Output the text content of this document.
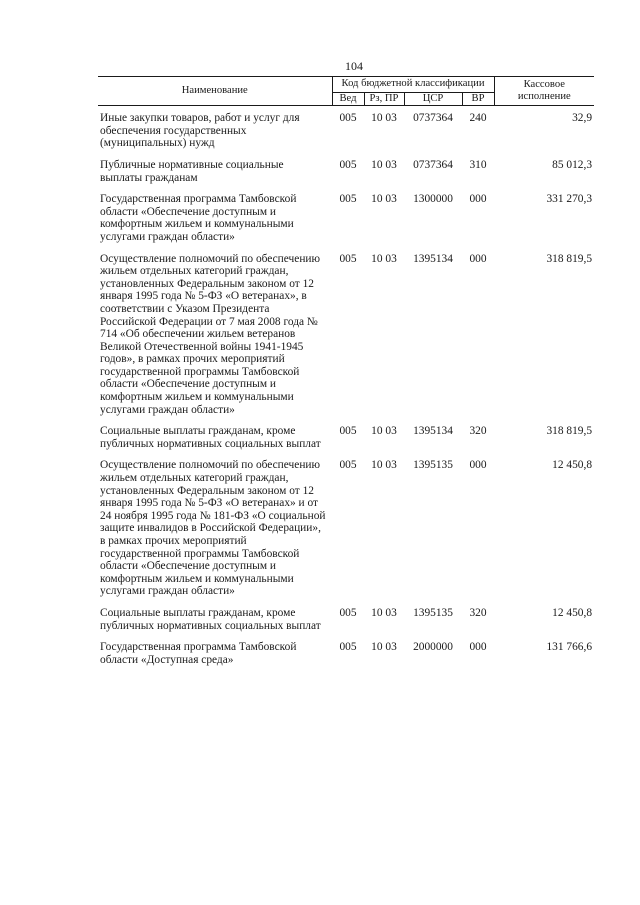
104
Наименование	Код бюджетной классификации				Кассовое
исполнение
	Вед	Рз, ПР	ЦСР	ВР	
Иные закупки товаров, работ и услуг для обеспечения государственных (муниципальных) нужд	005	10 03	0737364	240	32,9
Публичные нормативные социальные выплаты гражданам	005	10 03	0737364	310	85 012,3
Государственная программа Тамбовской области «Обеспечение доступным и комфортным жильем и коммунальными услугами граждан области»	005	10 03	1300000	000	331 270,3
Осуществление полномочий по обеспечению жильем отдельных категорий граждан, установленных Федеральным законом от 12 января 1995 года № 5-ФЗ «О ветеранах», в соответствии с Указом Президента Российской Федерации от 7 мая 2008 года № 714 «Об обеспечении жильем ветеранов Великой Отечественной войны 1941-1945 годов», в рамках прочих мероприятий государственной программы Тамбовской области «Обеспечение доступным и комфортным жильем и коммунальными услугами граждан области»	005	10 03	1395134	000	318 819,5
Социальные выплаты гражданам, кроме публичных нормативных социальных выплат	005	10 03	1395134	320	318 819,5
Осуществление полномочий по обеспечению жильем отдельных категорий граждан, установленных Федеральным законом от 12 января 1995 года № 5-ФЗ «О ветеранах» и от 24 ноября 1995 года № 181-ФЗ «О социальной защите инвалидов в Российской Федерации», в рамках прочих мероприятий государственной программы Тамбовской области «Обеспечение доступным и комфортным жильем и коммунальными услугами граждан области»	005	10 03	1395135	000	12 450,8
Социальные выплаты гражданам, кроме публичных нормативных социальных выплат	005	10 03	1395135	320	12 450,8
Государственная программа Тамбовской области «Доступная среда»	005	10 03	2000000	000	131 766,6
